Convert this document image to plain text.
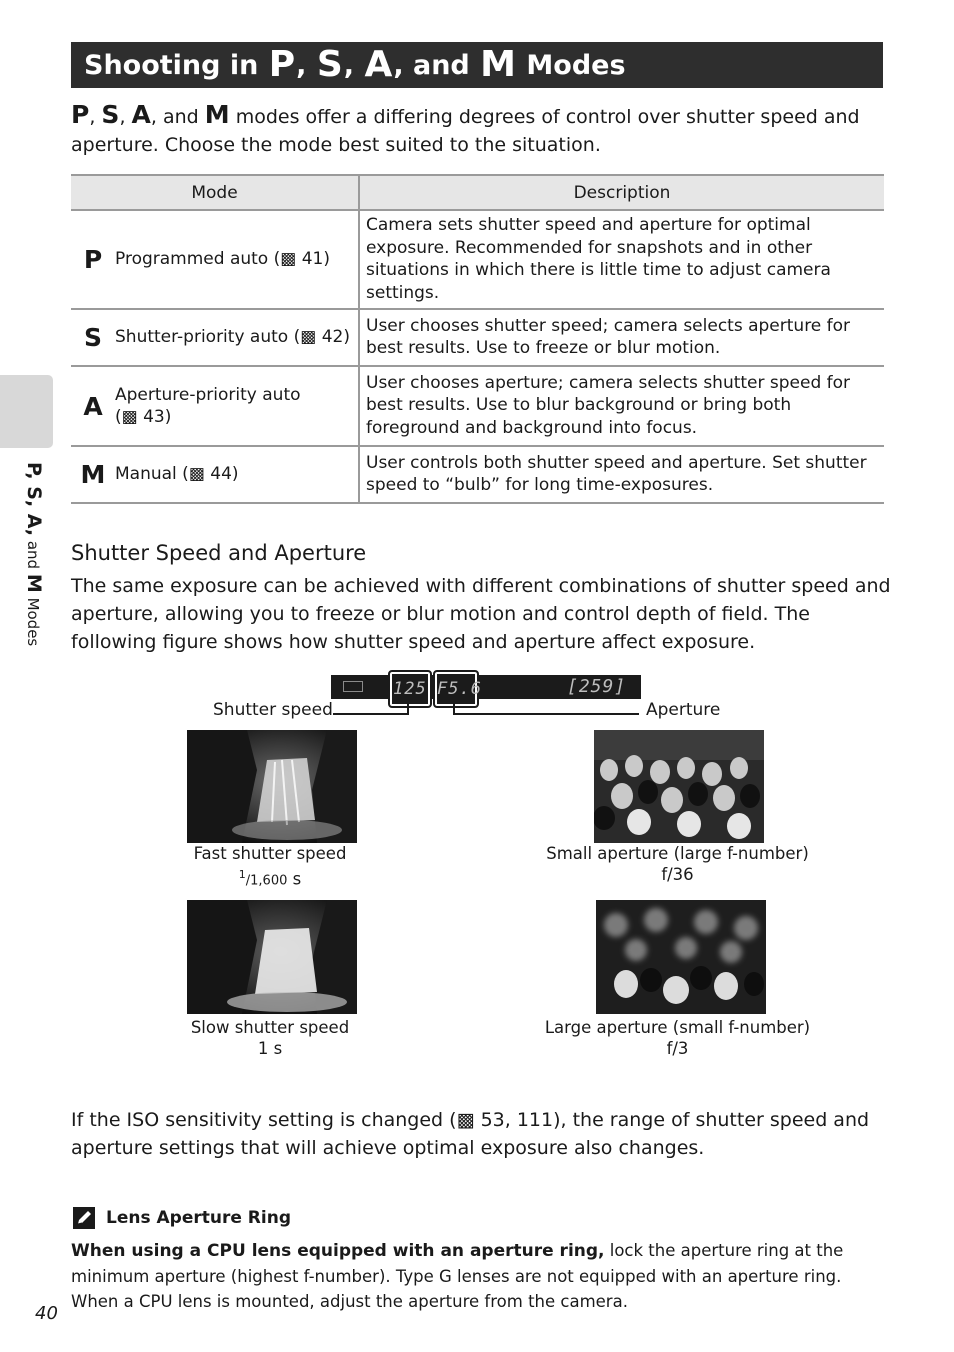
Shooting in
P , S , A , and
M
Modes
P, S, A, and M modes offer a differing degrees of control over shutter speed and
aperture. Choose the mode best suited to the situation.
Mode	Description

P Programmed auto (▩ 41)	Camera sets shutter speed and aperture for optimal exposure. Recommended for snapshots and in other situations in which there is little time to adjust camera settings.

S Shutter-priority auto (▩ 42)	User chooses shutter speed; camera selects aperture for best results. Use to freeze or blur motion.

A Aperture-priority auto (▩ 43)	User chooses aperture; camera selects shutter speed for best results. Use to blur background or bring both foreground and background into focus.

M Manual (▩ 44)	User controls both shutter speed and aperture. Set shutter speed to “bulb” for long time-exposures.
P, S, A, and M Modes
Shutter Speed and Aperture
The same exposure can be achieved with different combinations of shutter speed and aperture, allowing you to freeze or blur motion and control depth of field. The following figure shows how shutter speed and aperture affect exposure.
[259]
125 F5.6
Shutter speed	Aperture
Fast shutter speed
$^1$/1,600 s
Slow shutter speed
1 s
Small aperture (large f-number)
f/36
Large aperture (small f-number)
f/3
If the ISO sensitivity setting is changed (▩ 53, 111), the range of shutter speed and aperture settings that will achieve optimal exposure also changes.
Lens Aperture Ring
When using a CPU lens equipped with an aperture ring, lock the aperture ring at the minimum aperture (highest f-number). Type G lenses are not equipped with an aperture ring. When a CPU lens is mounted, adjust the aperture from the camera.
40
